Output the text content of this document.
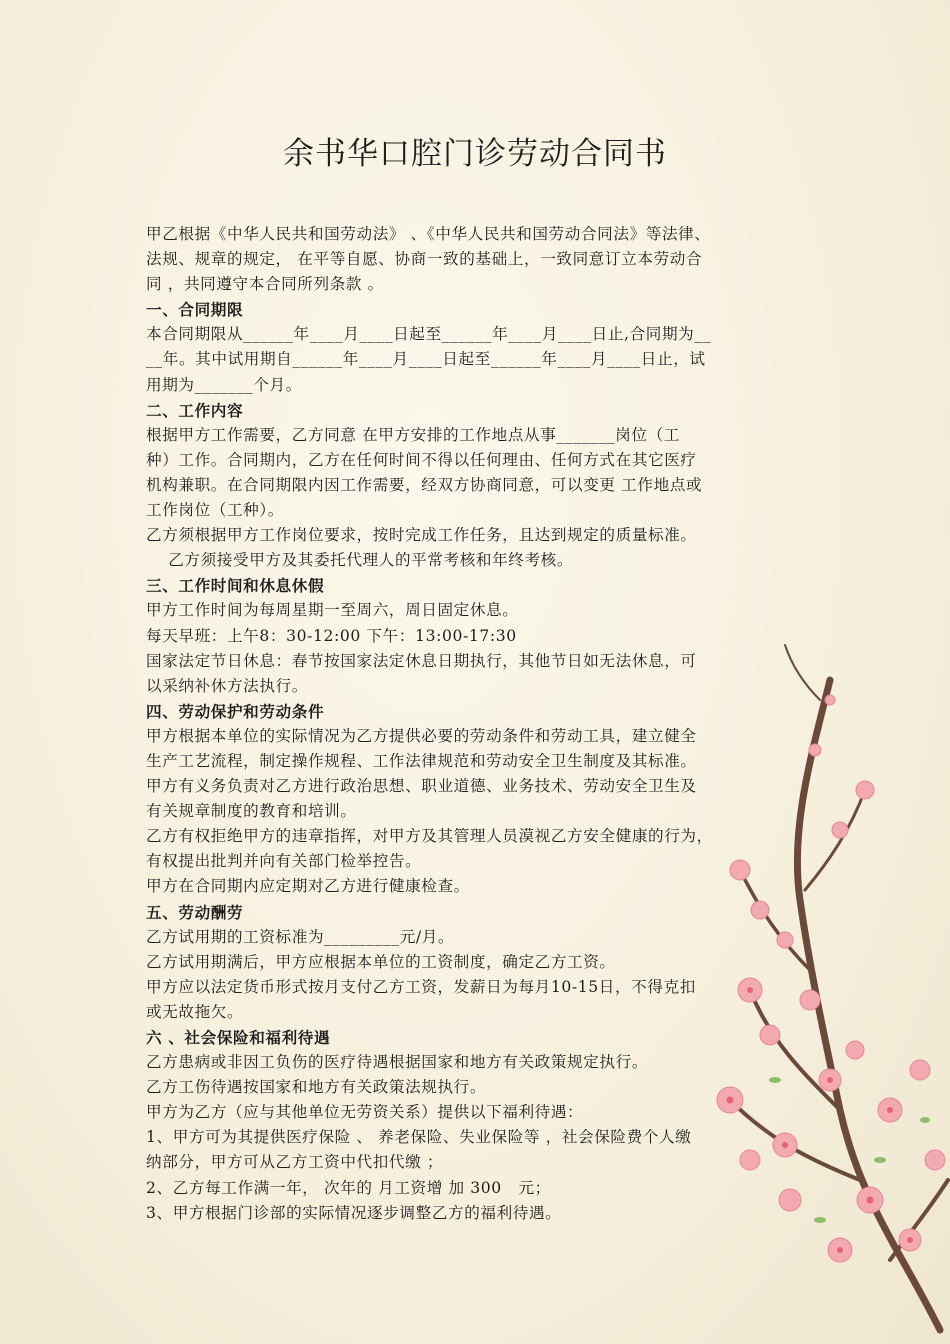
余书华口腔门诊劳动合同书
甲乙根据《中华人民共和国劳动法》 、《中华人民共和国劳动合同法》等法律、
法规、规章的规定， 在平等自愿、协商一致的基础上，一致同意订立本劳动合
同 ，共同遵守本合同所列条款 。
一、合同期限
本合同期限从______年____月____日起至______年____月____日止,合同期为__
__年。其中试用期自______年____月____日起至______年____月____日止，试
用期为_______个月。
二、工作内容
根据甲方工作需要，乙方同意 在甲方安排的工作地点从事_______岗位（工
种）工作。合同期内，乙方在任何时间不得以任何理由、任何方式在其它医疗
机构兼职。在合同期限内因工作需要，经双方协商同意，可以变更 工作地点或
工作岗位（工种）。
乙方须根据甲方工作岗位要求，按时完成工作任务，且达到规定的质量标准。
乙方须接受甲方及其委托代理人的平常考核和年终考核。
三、工作时间和休息休假
甲方工作时间为每周星期一至周六，周日固定休息。
每天早班：上午8：30-12:00 下午：13:00-17:30
国家法定节日休息：春节按国家法定休息日期执行，其他节日如无法休息，可
以采纳补休方法执行。
四、劳动保护和劳动条件
甲方根据本单位的实际情况为乙方提供必要的劳动条件和劳动工具，建立健全
生产工艺流程，制定操作规程、工作法律规范和劳动安全卫生制度及其标准。
甲方有义务负责对乙方进行政治思想、职业道德、业务技术、劳动安全卫生及
有关规章制度的教育和培训。
乙方有权拒绝甲方的违章指挥，对甲方及其管理人员漠视乙方安全健康的行为，
有权提出批判并向有关部门检举控告。
甲方在合同期内应定期对乙方进行健康检查。
五、劳动酬劳
乙方试用期的工资标准为_________元/月。
乙方试用期满后，甲方应根据本单位的工资制度，确定乙方工资。
甲方应以法定货币形式按月支付乙方工资，发薪日为每月10-15日，不得克扣
或无故拖欠。
六 、社会保险和福利待遇
乙方患病或非因工负伤的医疗待遇根据国家和地方有关政策规定执行。
乙方工伤待遇按国家和地方有关政策法规执行。
甲方为乙方（应与其他单位无劳资关系）提供以下福利待遇：
1、甲方可为其提供医疗保险 、 养老保险、失业保险等 ，社会保险费个人缴
纳部分，甲方可从乙方工资中代扣代缴 ；
2、乙方每工作满一年， 次年的 月工资增 加 300   元；
3、甲方根据门诊部的实际情况逐步调整乙方的福利待遇。
